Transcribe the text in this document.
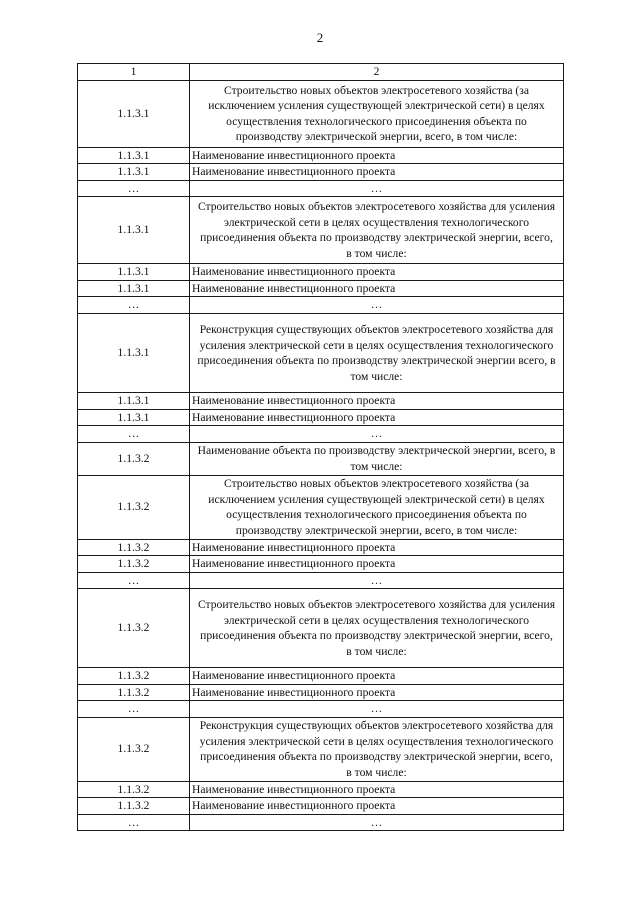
2
1	2
1.1.3.1	Строительство новых объектов электросетевого хозяйства (за исключением усиления существующей электрической сети) в целях осуществления технологического присоединения объекта по производству электрической энергии, всего, в том числе:
1.1.3.1	Наименование инвестиционного проекта
1.1.3.1	Наименование инвестиционного проекта
…	…
1.1.3.1	Строительство новых объектов электросетевого хозяйства для усиления электрической сети в целях осуществления технологического присоединения объекта по производству электрической энергии, всего, в том числе:
1.1.3.1	Наименование инвестиционного проекта
1.1.3.1	Наименование инвестиционного проекта
…	…
1.1.3.1	Реконструкция существующих объектов электросетевого хозяйства для усиления электрической сети в целях осуществления технологического присоединения объекта по производству электрической энергии всего, в том числе:
1.1.3.1	Наименование инвестиционного проекта
1.1.3.1	Наименование инвестиционного проекта
…	…
1.1.3.2	Наименование объекта по производству электрической энергии, всего, в том числе:
1.1.3.2	Строительство новых объектов электросетевого хозяйства (за исключением усиления существующей электрической сети) в целях осуществления технологического присоединения объекта по производству электрической энергии, всего, в том числе:
1.1.3.2	Наименование инвестиционного проекта
1.1.3.2	Наименование инвестиционного проекта
…	…
1.1.3.2	Строительство новых объектов электросетевого хозяйства для усиления электрической сети в целях осуществления технологического присоединения объекта по производству электрической энергии, всего, в том числе:
1.1.3.2	Наименование инвестиционного проекта
1.1.3.2	Наименование инвестиционного проекта
…	…
1.1.3.2	Реконструкция существующих объектов электросетевого хозяйства для усиления электрической сети в целях осуществления технологического присоединения объекта по производству электрической энергии, всего, в том числе:
1.1.3.2	Наименование инвестиционного проекта
1.1.3.2	Наименование инвестиционного проекта
…	…
